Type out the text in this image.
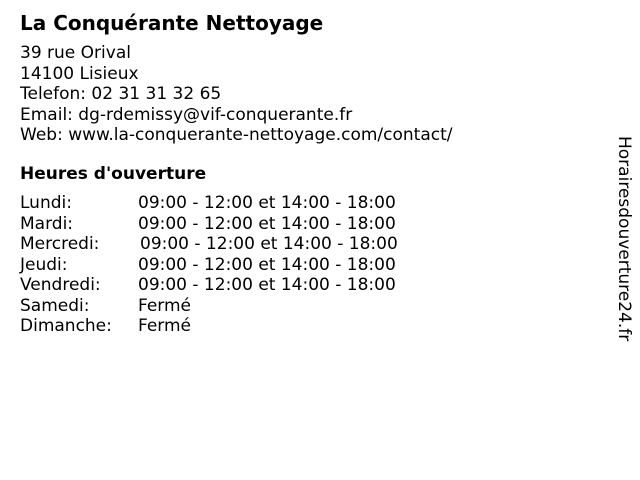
La Conquérante Nettoyage
39 rue Orival
14100 Lisieux
Telefon: 02 31 31 32 65
Email: dg-rdemissy@vif-conquerante.fr
Web: www.la-conquerante-nettoyage.com/contact/
Heures d'ouverture
Lundi:	09:00 - 12:00 et 14:00 - 18:00
Mardi:	09:00 - 12:00 et 14:00 - 18:00
Mercredi: 09:00 - 12:00 et 14:00 - 18:00
Jeudi:	09:00 - 12:00 et 14:00 - 18:00
Vendredi: 09:00 - 12:00 et 14:00 - 18:00
Samedi:	Fermé
Dimanche: Fermé	Horairesdouverture24.fr
